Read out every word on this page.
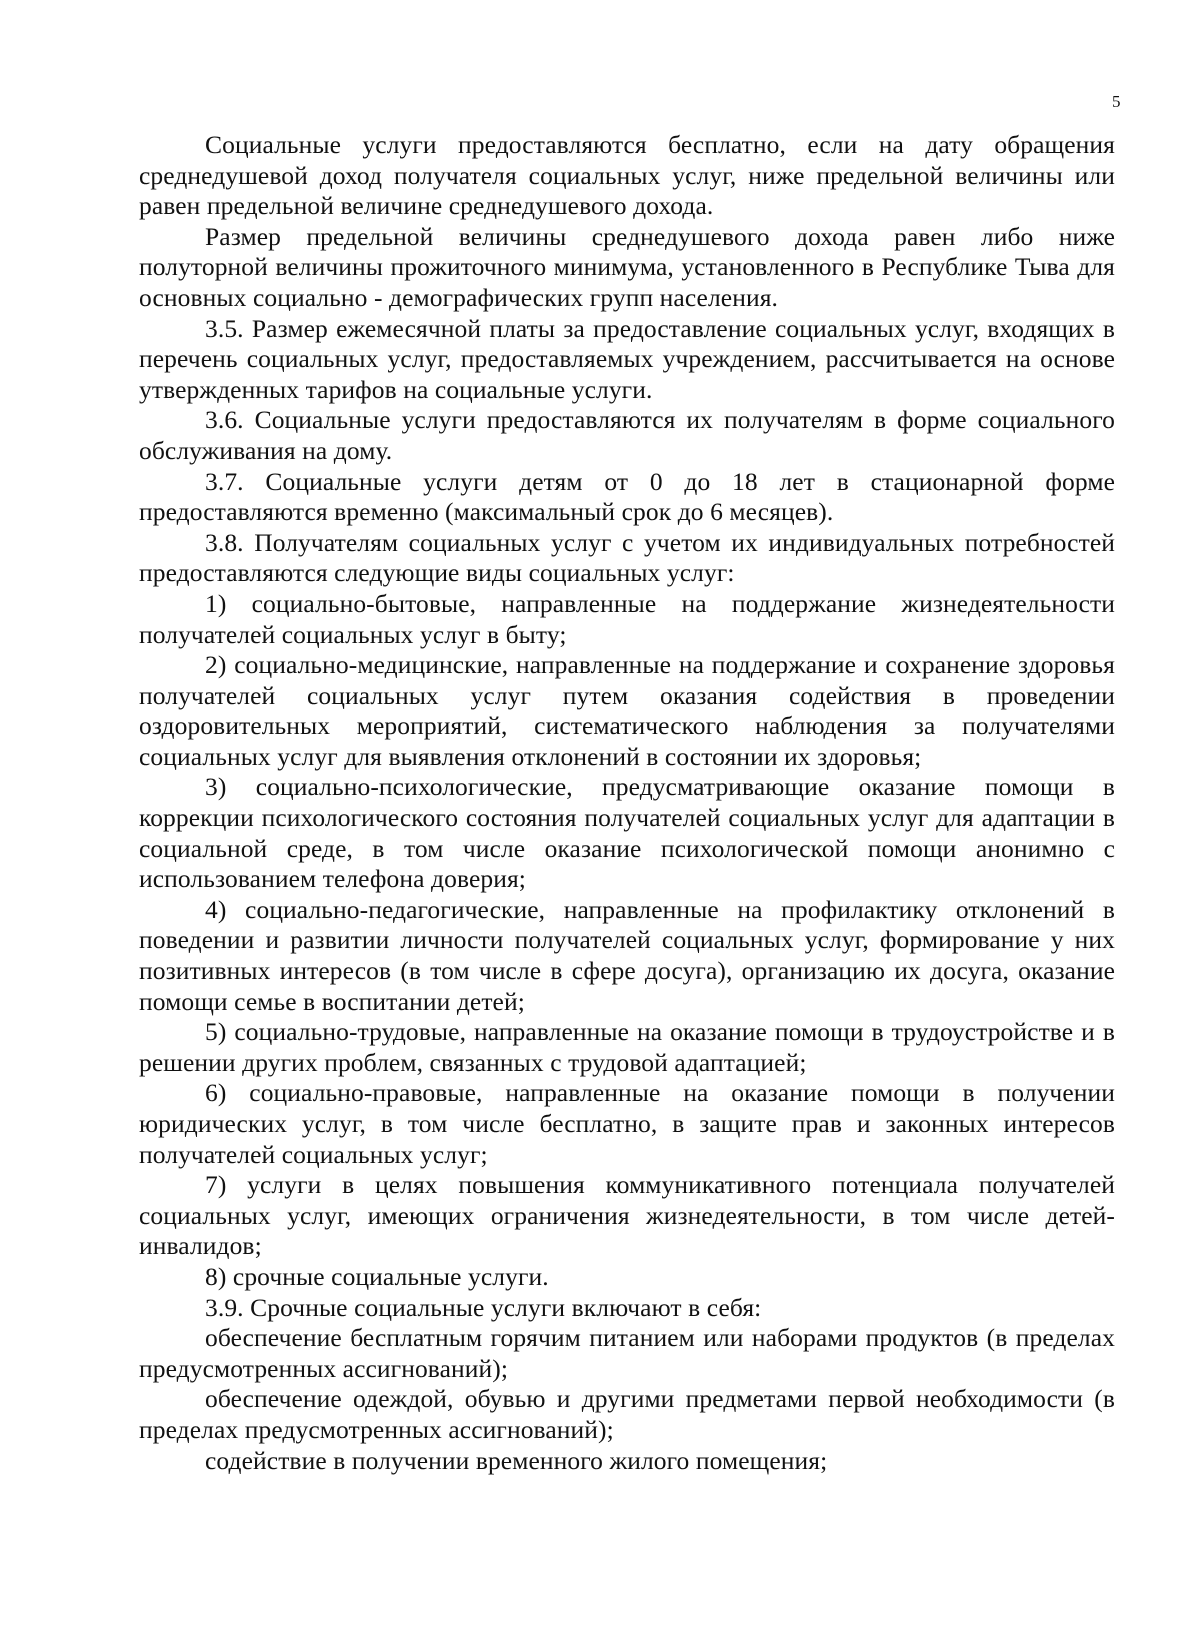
5

Социальные услуги предоставляются бесплатно, если на дату обращения среднедушевой доход получателя социальных услуг, ниже предельной величины или равен предельной величине среднедушевого дохода.

Размер предельной величины среднедушевого дохода равен либо ниже полуторной величины прожиточного минимума, установленного в Республике Тыва для основных социально - демографических групп населения.

3.5. Размер ежемесячной платы за предоставление социальных услуг, входящих в перечень социальных услуг, предоставляемых учреждением, рассчитывается на основе утвержденных тарифов на социальные услуги.

3.6. Социальные услуги предоставляются их получателям в форме социального обслуживания на дому.

3.7. Социальные услуги детям от 0 до 18 лет в стационарной форме предоставляются временно (максимальный срок до 6 месяцев).

3.8. Получателям социальных услуг с учетом их индивидуальных потребностей предоставляются следующие виды социальных услуг:

1) социально-бытовые, направленные на поддержание жизнедеятельности получателей социальных услуг в быту;

2) социально-медицинские, направленные на поддержание и сохранение здоровья получателей социальных услуг путем оказания содействия в проведении оздоровительных мероприятий, систематического наблюдения за получателями социальных услуг для выявления отклонений в состоянии их здоровья;

3) социально-психологические, предусматривающие оказание помощи в коррекции психологического состояния получателей социальных услуг для адаптации в социальной среде, в том числе оказание психологической помощи анонимно с использованием телефона доверия;

4) социально-педагогические, направленные на профилактику отклонений в поведении и развитии личности получателей социальных услуг, формирование у них позитивных интересов (в том числе в сфере досуга), организацию их досуга, оказание помощи семье в воспитании детей;

5) социально-трудовые, направленные на оказание помощи в трудоустройстве и в решении других проблем, связанных с трудовой адаптацией;

6) социально-правовые, направленные на оказание помощи в получении юридических услуг, в том числе бесплатно, в защите прав и законных интересов получателей социальных услуг;

7) услуги в целях повышения коммуникативного потенциала получателей социальных услуг, имеющих ограничения жизнедеятельности, в том числе детей-инвалидов;

8) срочные социальные услуги.

3.9. Срочные социальные услуги включают в себя:

обеспечение бесплатным горячим питанием или наборами продуктов (в пределах предусмотренных ассигнований);

обеспечение одеждой, обувью и другими предметами первой необходимости (в пределах предусмотренных ассигнований);

содействие в получении временного жилого помещения;
